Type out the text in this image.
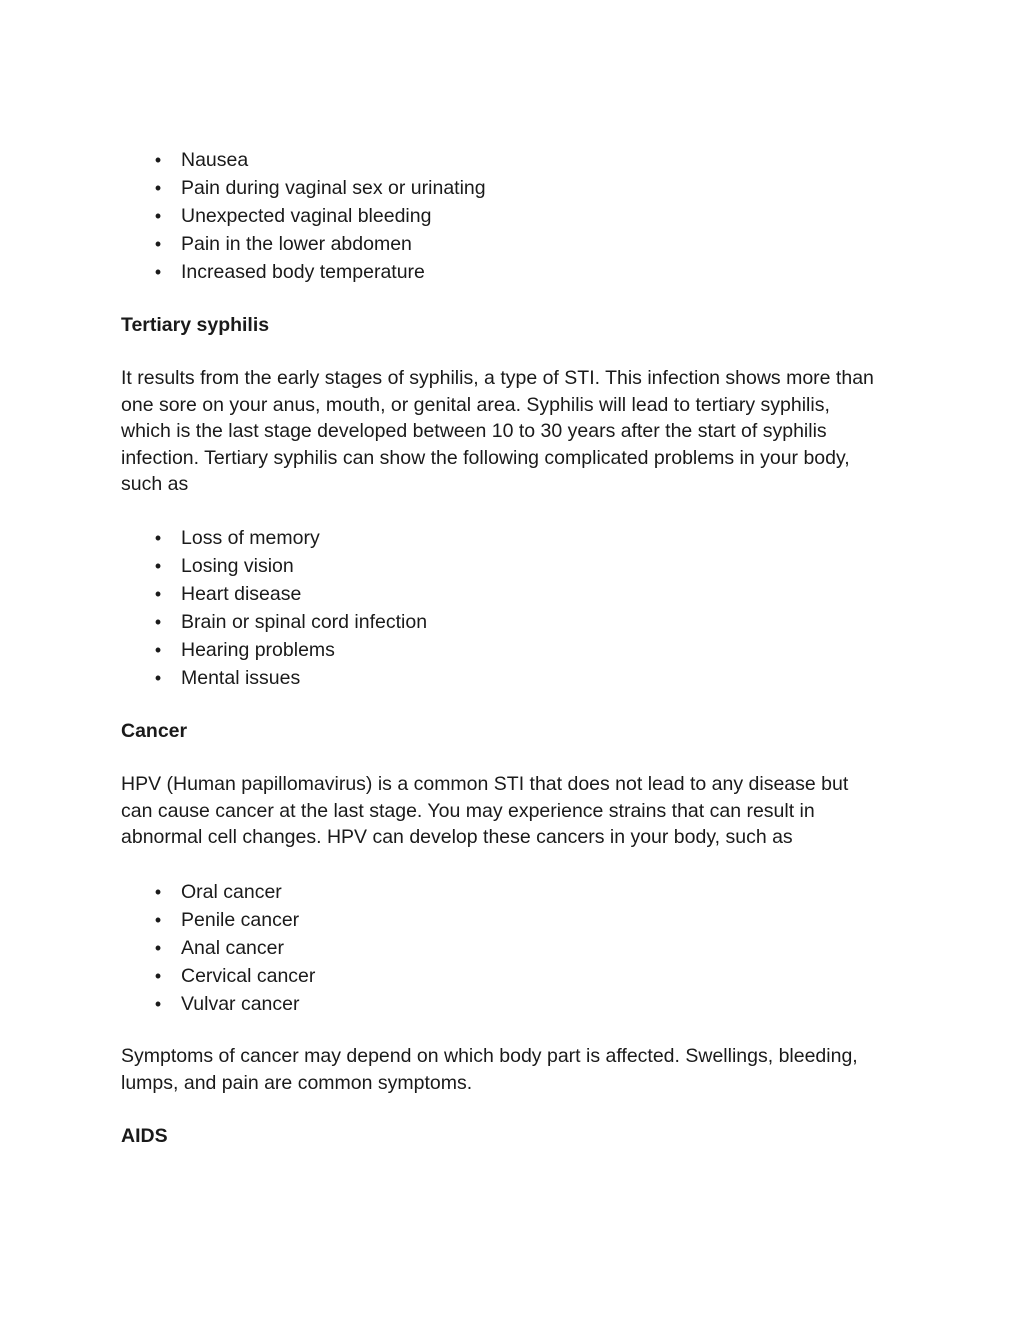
• Nausea
• Pain during vaginal sex or urinating
• Unexpected vaginal bleeding
• Pain in the lower abdomen
• Increased body temperature
Tertiary syphilis

It results from the early stages of syphilis, a type of STI. This infection shows more than
one sore on your anus, mouth, or genital area. Syphilis will lead to tertiary syphilis,
which is the last stage developed between 10 to 30 years after the start of syphilis
infection. Tertiary syphilis can show the following complicated problems in your body,
such as

• Loss of memory
• Losing vision
• Heart disease
• Brain or spinal cord infection
• Hearing problems
• Mental issues
Cancer

HPV (Human papillomavirus) is a common STI that does not lead to any disease but
can cause cancer at the last stage. You may experience strains that can result in
abnormal cell changes. HPV can develop these cancers in your body, such as

• Oral cancer
• Penile cancer
• Anal cancer
• Cervical cancer
• Vulvar cancer

Symptoms of cancer may depend on which body part is affected. Swellings, bleeding,
lumps, and pain are common symptoms.

AIDS
